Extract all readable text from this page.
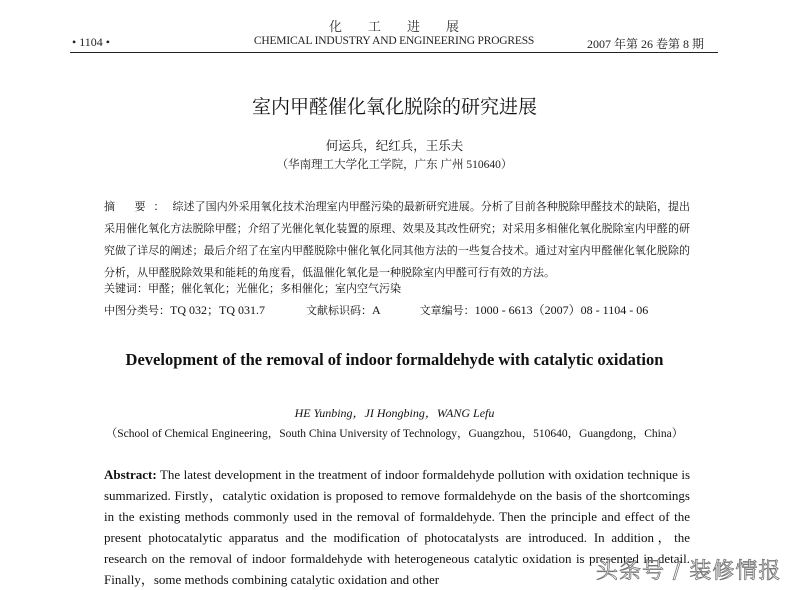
化工进展
• 1104 •	CHEMICAL INDUSTRY AND ENGINEERING PROGRESS	2007 年第 26 卷第 8 期
室内甲醛催化氧化脱除的研究进展
何运兵，纪红兵，王乐夫
（华南理工大学化工学院，广东 广州 510640）
摘 要：综述了国内外采用氧化技术治理室内甲醛污染的最新研究进展。分析了目前各种脱除甲醛技术的缺陷，提出采用催化氧化方法脱除甲醛；介绍了光催化氧化装置的原理、效果及其改性研究；对采用多相催化氧化脱除室内甲醛的研究做了详尽的阐述；最后介绍了在室内甲醛脱除中催化氧化同其他方法的一些复合技术。通过对室内甲醛催化氧化脱除的分析，从甲醛脱除效果和能耗的角度看，低温催化氧化是一种脱除室内甲醛可行有效的方法。
关键词：甲醛；催化氧化；光催化；多相催化；室内空气污染
中图分类号：TQ 032；TQ 031.7	文献标识码：A	文章编号：1000 - 6613（2007）08 - 1104 - 06
Development of the removal of indoor formaldehyde with catalytic oxidation
HE Yunbing，JI Hongbing，WANG Lefu
（School of Chemical Engineering，South China University of Technology，Guangzhou，510640，Guangdong，China）
Abstract: The latest development in the treatment of indoor formaldehyde pollution with oxidation technique is summarized. Firstly，catalytic oxidation is proposed to remove formaldehyde on the basis of the shortcomings in the existing methods commonly used in the removal of formaldehyde. Then the principle and effect of the present photocatalytic apparatus and the modification of photocatalysts are introduced. In addition，the research on the removal of indoor formaldehyde with heterogeneous catalytic oxidation is presented in detail. Finally，some methods combining catalytic oxidation and other	头条号 / 装修情报
